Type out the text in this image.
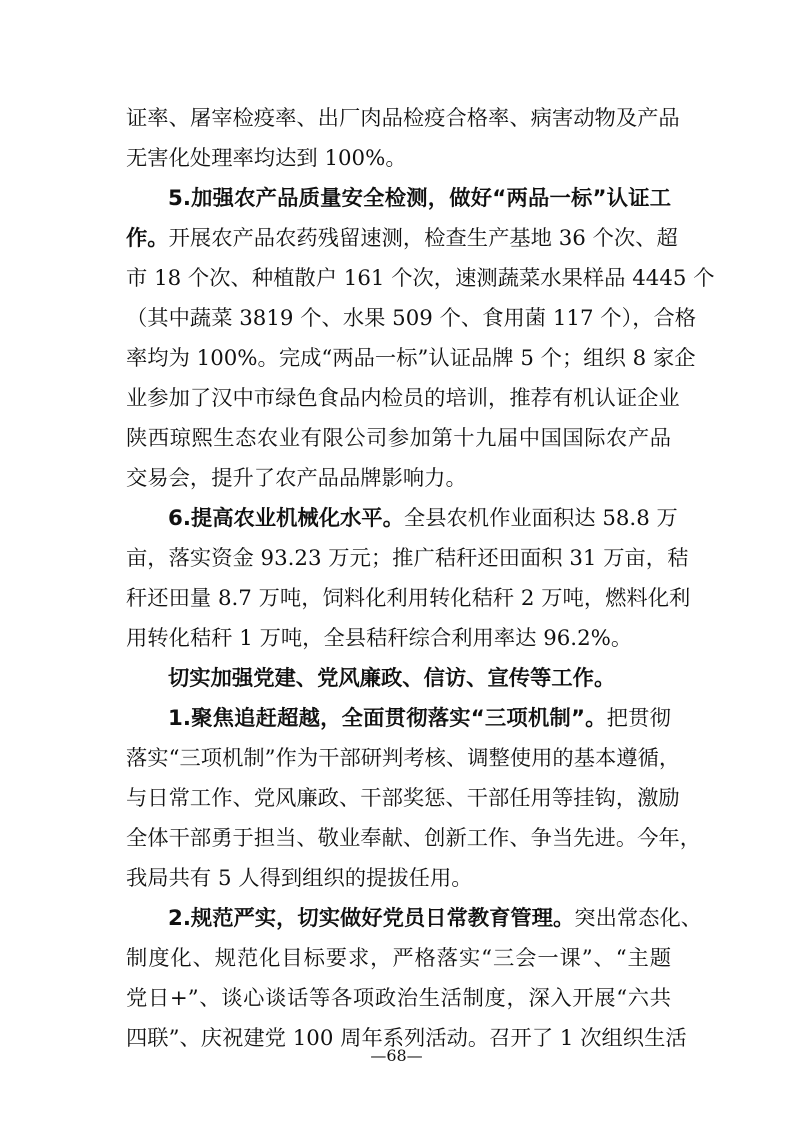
证率、屠宰检疫率、出厂肉品检疫合格率、病害动物及产品
无害化处理率均达到 100%。
5.加强农产品质量安全检测，做好“两品一标”认证工
作。开展农产品农药残留速测，检查生产基地 36 个次、超
市 18 个次、种植散户 161 个次，速测蔬菜水果样品 4445 个
（其中蔬菜 3819 个、水果 509 个、食用菌 117 个），合格
率均为 100%。完成“两品一标”认证品牌 5 个；组织 8 家企
业参加了汉中市绿色食品内检员的培训，推荐有机认证企业
陕西琼熙生态农业有限公司参加第十九届中国国际农产品
交易会，提升了农产品品牌影响力。
6.提高农业机械化水平。全县农机作业面积达 58.8 万
亩，落实资金 93.23 万元；推广秸秆还田面积 31 万亩，秸
秆还田量 8.7 万吨，饲料化利用转化秸秆 2 万吨，燃料化利
用转化秸秆 1 万吨，全县秸秆综合利用率达 96.2%。
切实加强党建、党风廉政、信访、宣传等工作。
1.聚焦追赶超越，全面贯彻落实“三项机制”。把贯彻
落实“三项机制”作为干部研判考核、调整使用的基本遵循，
与日常工作、党风廉政、干部奖惩、干部任用等挂钩，激励
全体干部勇于担当、敬业奉献、创新工作、争当先进。今年，
我局共有 5 人得到组织的提拔任用。
2.规范严实，切实做好党员日常教育管理。突出常态化、
制度化、规范化目标要求，严格落实“三会一课”、“主题
党日+”、谈心谈话等各项政治生活制度，深入开展“六共
四联”、庆祝建党 100 周年系列活动。召开了 1 次组织生活
—68—
